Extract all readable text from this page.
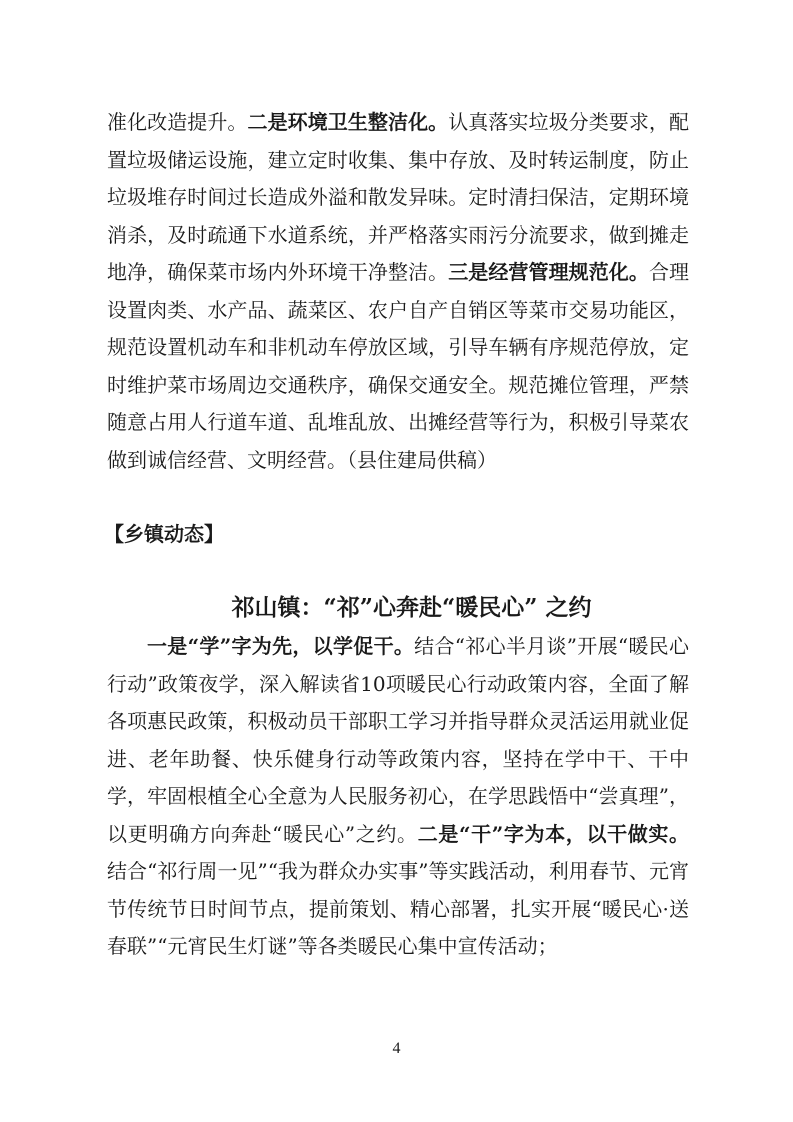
准化改造提升。二是环境卫生整洁化。认真落实垃圾分类要求，配置垃圾储运设施，建立定时收集、集中存放、及时转运制度，防止垃圾堆存时间过长造成外溢和散发异味。定时清扫保洁，定期环境消杀，及时疏通下水道系统，并严格落实雨污分流要求，做到摊走地净，确保菜市场内外环境干净整洁。三是经营管理规范化。合理设置肉类、水产品、蔬菜区、农户自产自销区等菜市交易功能区，规范设置机动车和非机动车停放区域，引导车辆有序规范停放，定时维护菜市场周边交通秩序，确保交通安全。规范摊位管理，严禁随意占用人行道车道、乱堆乱放、出摊经营等行为，积极引导菜农做到诚信经营、文明经营。（县住建局供稿）

【乡镇动态】

祁山镇：“祁”心奔赴“暖民心” 之约

一是“学”字为先，以学促干。结合“祁心半月谈”开展“暖民心行动”政策夜学，深入解读省10项暖民心行动政策内容，全面了解各项惠民政策，积极动员干部职工学习并指导群众灵活运用就业促进、老年助餐、快乐健身行动等政策内容，坚持在学中干、干中学，牢固根植全心全意为人民服务初心，在学思践悟中“尝真理”，以更明确方向奔赴“暖民心”之约。二是“干”字为本，以干做实。结合“祁行周一见”“我为群众办实事”等实践活动，利用春节、元宵节传统节日时间节点，提前策划、精心部署，扎实开展“暖民心·送春联”“元宵民生灯谜”等各类暖民心集中宣传活动；

4
